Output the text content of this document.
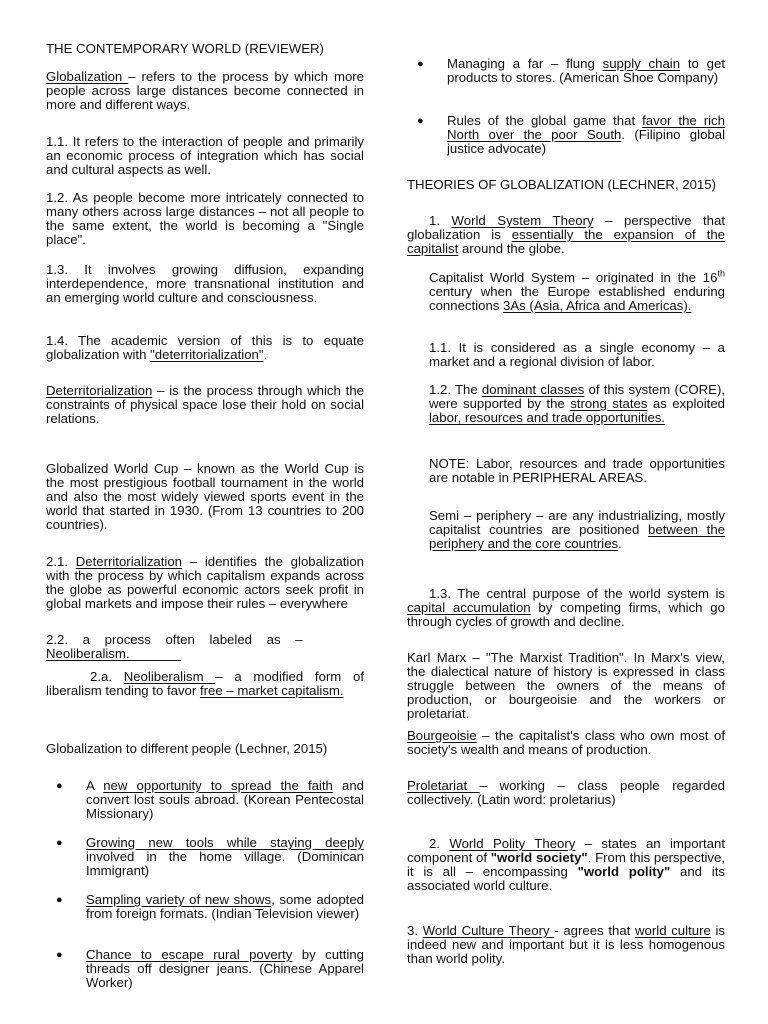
THE CONTEMPORARY WORLD (REVIEWER)
Globalization – refers to the process by which more people across large distances become connected in more and different ways.
1.1. It refers to the interaction of people and primarily an economic process of integration which has social and cultural aspects as well.
1.2. As people become more intricately connected to many others across large distances – not all people to the same extent, the world is becoming a "Single place".
1.3. It involves growing diffusion, expanding interdependence, more transnational institution and an emerging world culture and consciousness.
1.4. The academic version of this is to equate globalization with "deterritorialization".
Deterritorialization – is the process through which the constraints of physical space lose their hold on social relations.
Globalized World Cup – known as the World Cup is the most prestigious football tournament in the world and also the most widely viewed sports event in the world that started in 1930. (From 13 countries to 200 countries).
2.1. Deterritorialization – identifies the globalization with the process by which capitalism expands across the globe as powerful economic actors seek profit in global markets and impose their rules – everywhere
2.2.    a    process    often    labeled    as    –
Neoliberalism.
2.a. Neoliberalism – a modified form of liberalism tending to favor free – market capitalism.
Globalization to different people (Lechner, 2015)
● A new opportunity to spread the faith and convert lost souls abroad. (Korean Pentecostal Missionary)
● Growing new tools while staying deeply involved in the home village. (Dominican Immigrant)
● Sampling variety of new shows, some adopted from foreign formats. (Indian Television viewer)
● Chance to escape rural poverty by cutting threads off designer jeans. (Chinese Apparel Worker)
● Managing a far – flung supply chain to get products to stores. (American Shoe Company)
● Rules of the global game that favor the rich North over the poor South. (Filipino global justice advocate)
THEORIES OF GLOBALIZATION (LECHNER, 2015)
1. World System Theory – perspective that globalization is essentially the expansion of the capitalist around the globe.
Capitalist World System – originated in the 16th century when the Europe established enduring connections 3As (Asia, Africa and Americas).
1.1. It is considered as a single economy – a market and a regional division of labor.
1.2. The dominant classes of this system (CORE), were supported by the strong states as exploited labor, resources and trade opportunities.
NOTE: Labor, resources and trade opportunities are notable in PERIPHERAL AREAS.
Semi – periphery – are any industrializing, mostly capitalist countries are positioned between the periphery and the core countries.
1.3. The central purpose of the world system is capital accumulation by competing firms, which go through cycles of growth and decline.
Karl Marx – "The Marxist Tradition". In Marx's view, the dialectical nature of history is expressed in class struggle between the owners of the means of production, or bourgeoisie and the workers or proletariat.
Bourgeoisie – the capitalist's class who own most of society's wealth and means of production.
Proletariat – working – class people regarded collectively. (Latin word: proletarius)
2. World Polity Theory – states an important component of "world society". From this perspective, it is all – encompassing "world polity" and its associated world culture.
3. World Culture Theory - agrees that world culture is indeed new and important but it is less homogenous than world polity.
